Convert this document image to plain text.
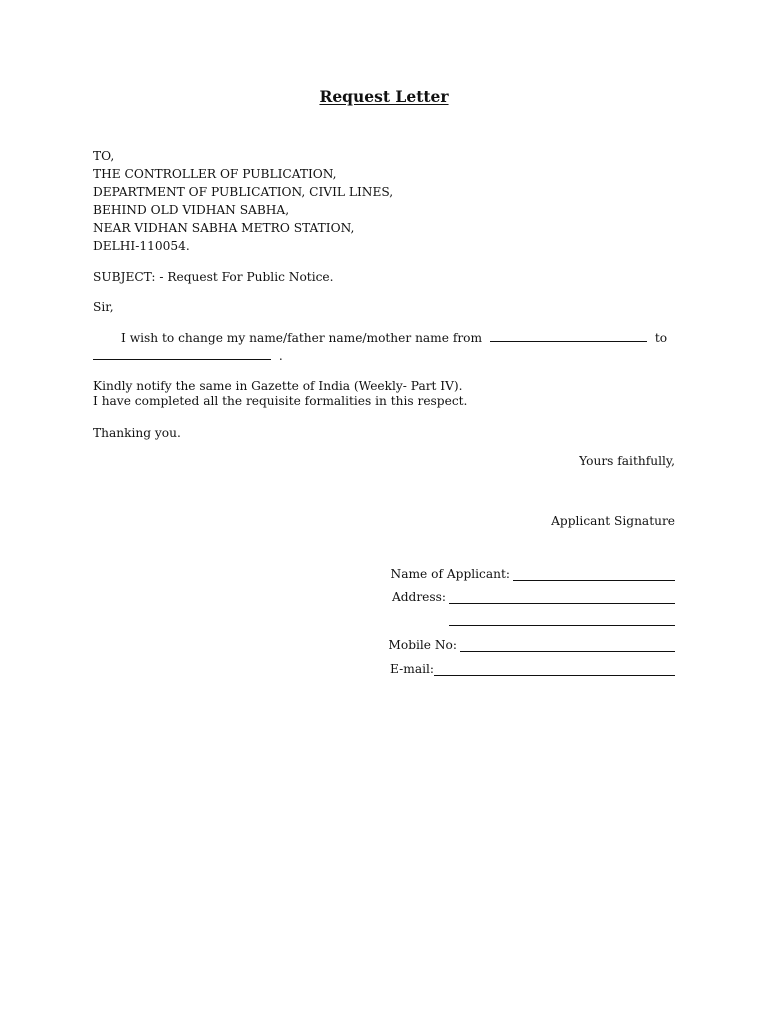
Request Letter
TO,
THE CONTROLLER OF PUBLICATION,
DEPARTMENT OF PUBLICATION, CIVIL LINES,
BEHIND OLD VIDHAN SABHA,
NEAR VIDHAN SABHA METRO STATION,
DELHI-110054.
SUBJECT: - Request For Public Notice.
Sir,
I wish to change my name/father name/mother name from	to
.
Kindly notify the same in Gazette of India (Weekly- Part IV).
I have completed all the requisite formalities in this respect.
Thanking you.
Yours faithfully,
Applicant Signature
Name of Applicant:
Address:
Mobile No:
E-mail:
